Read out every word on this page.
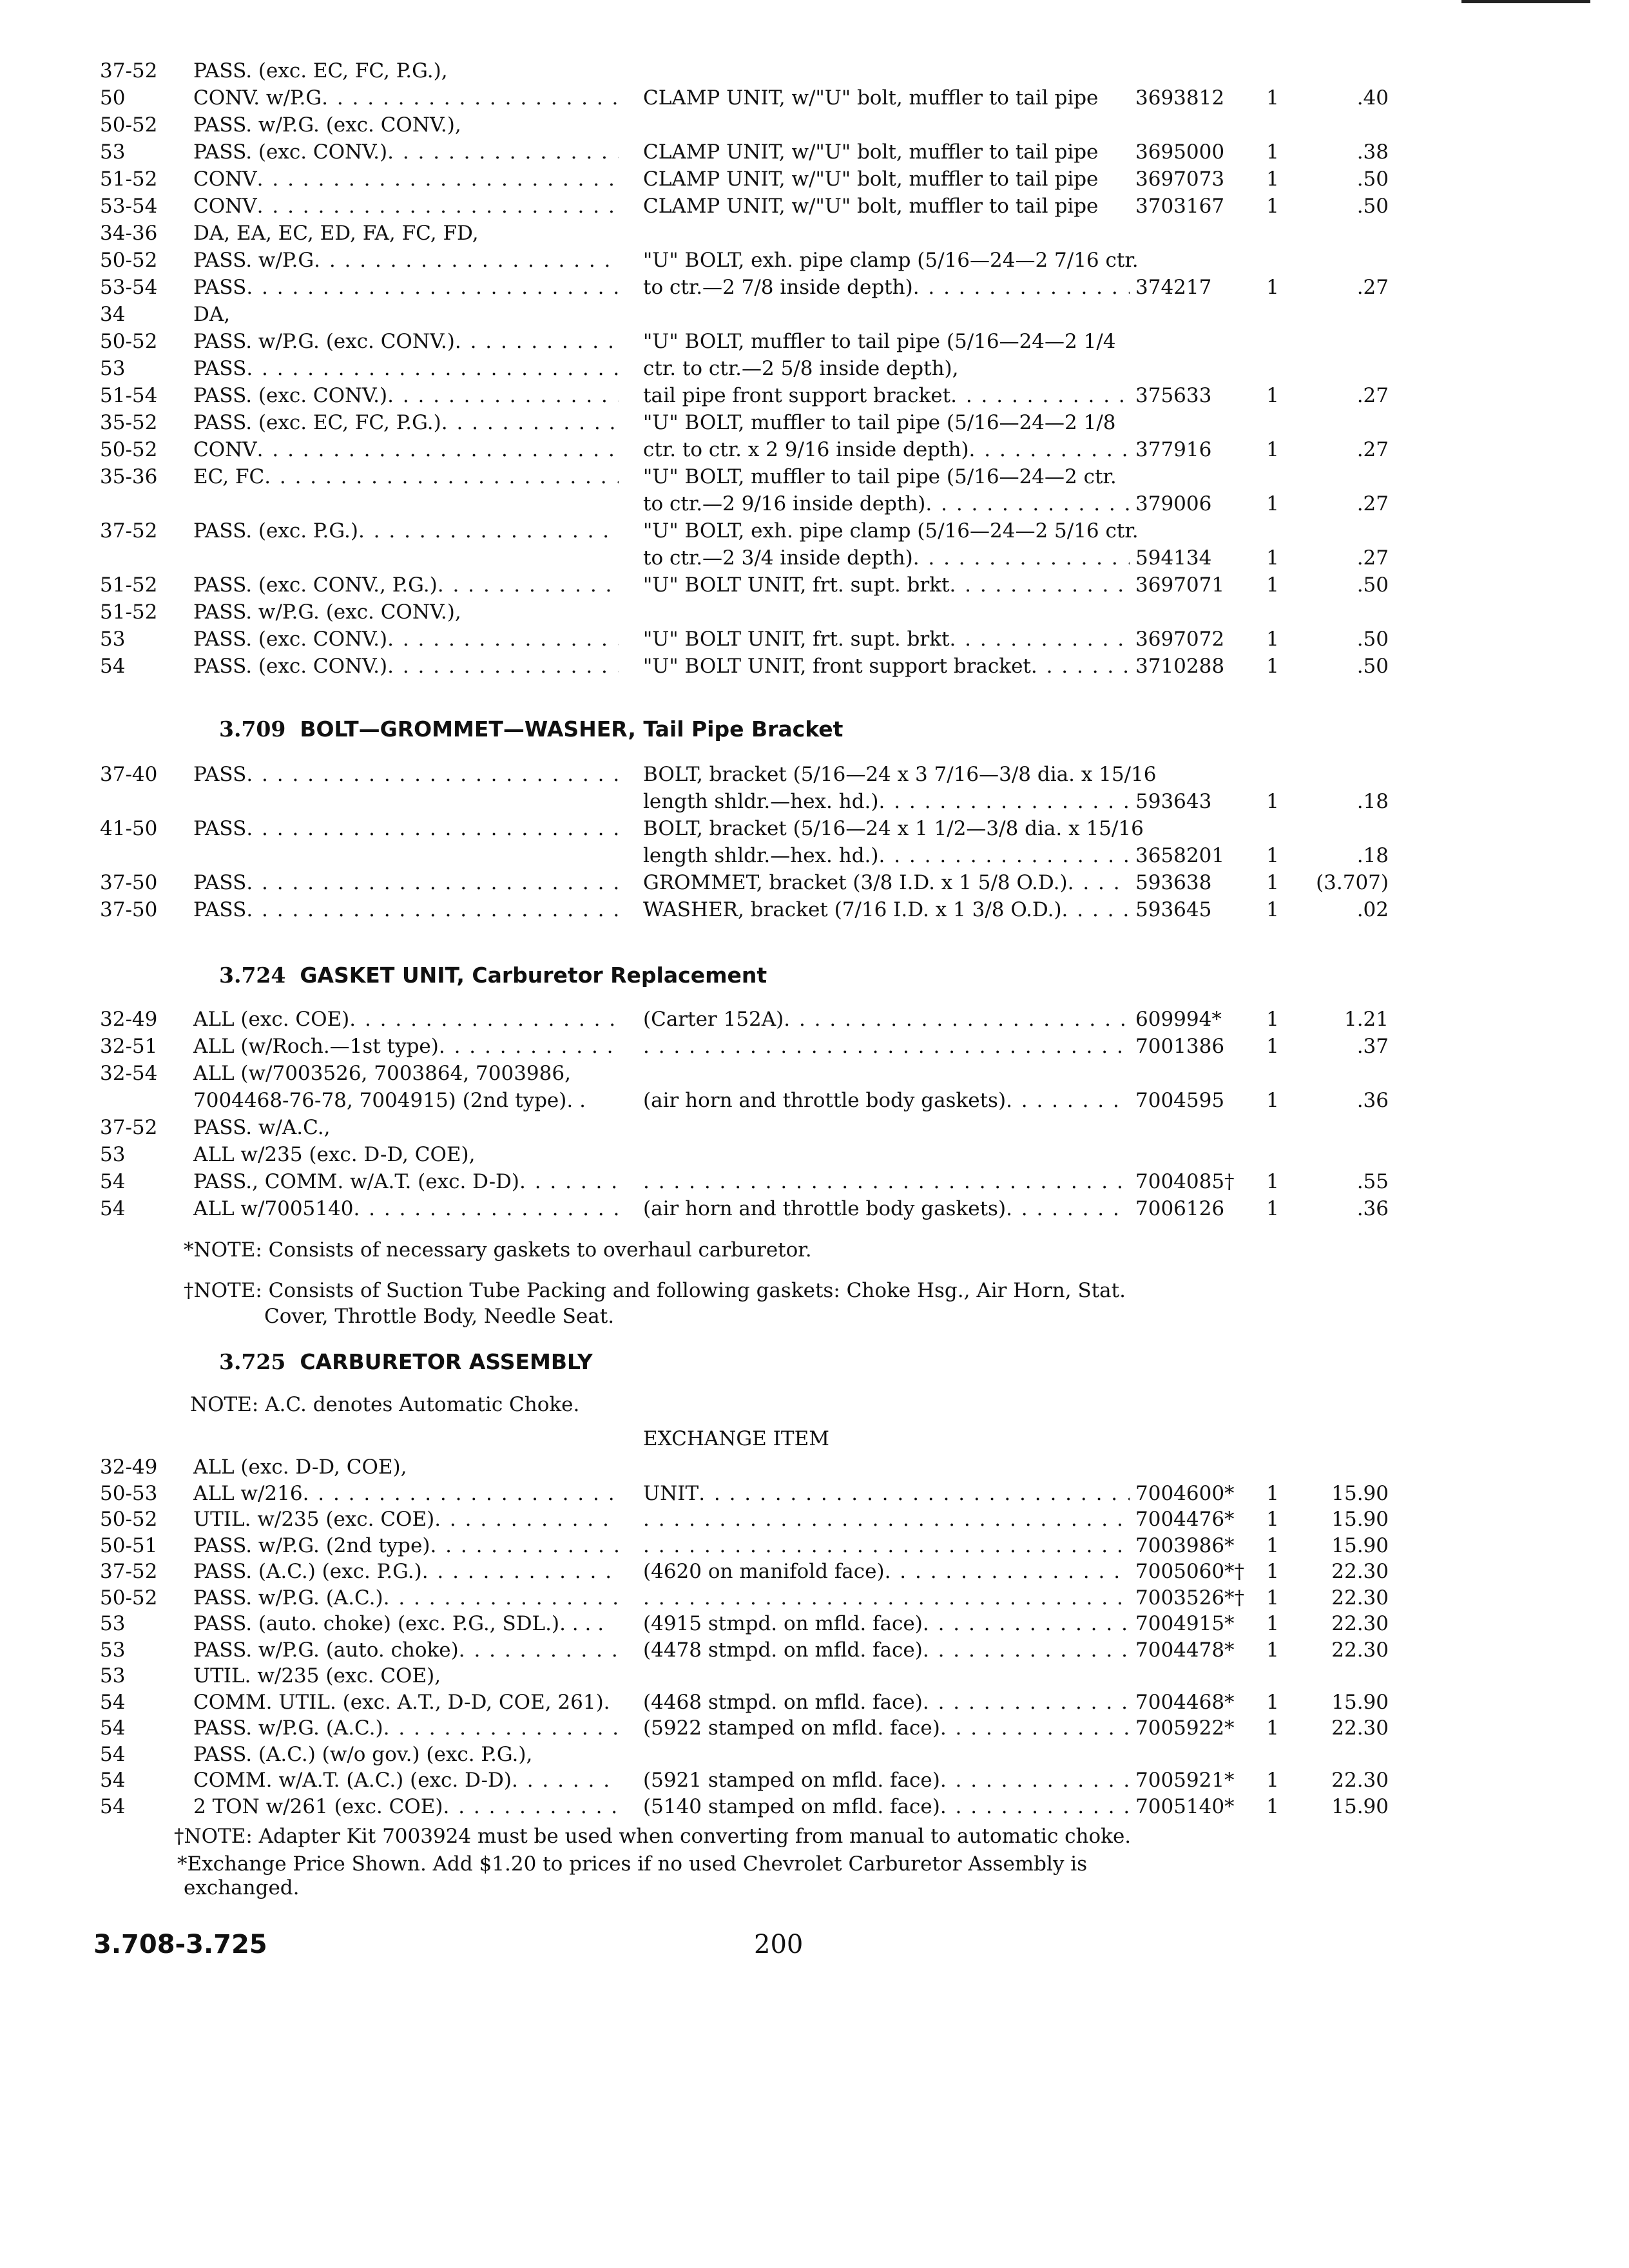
37-52	PASS. (exc. EC, FC, P.G.),
50	CONV. w/P.G . . .	CLAMP UNIT, w/"U" bolt, muffler to tail pipe	3693812	1	.40
50-52	PASS. w/P.G. (exc. CONV.),
53	PASS. (exc. CONV.) . . .	CLAMP UNIT, w/"U" bolt, muffler to tail pipe	3695000	1	.38
51-52	CONV . . .	CLAMP UNIT, w/"U" bolt, muffler to tail pipe	3697073	1	.50
53-54	CONV . . .	CLAMP UNIT, w/"U" bolt, muffler to tail pipe	3703167	1	.50
34-36	DA, EA, EC, ED, FA, FC, FD,
50-52	PASS. w/P.G . . .	"U" BOLT, exh. pipe clamp (5/16—24—2 7/16 ctr.
53-54	PASS . . .	to ctr.—2 7/8 inside depth) . . .	374217	1	.27
34	DA,
50-52	PASS. w/P.G. (exc. CONV.) . . .	"U" BOLT, muffler to tail pipe (5/16—24—2 1/4
53	PASS . . .	ctr. to ctr.—2 5/8 inside depth),
51-54	PASS. (exc. CONV.) . . .	tail pipe front support bracket . . .	375633	1	.27
35-52	PASS. (exc. EC, FC, P.G.) . . .	"U" BOLT, muffler to tail pipe (5/16—24—2 1/8
50-52	CONV . . .	ctr. to ctr. x 2 9/16 inside depth) . . .	377916	1	.27
35-36	EC, FC . . .	"U" BOLT, muffler to tail pipe (5/16—24—2 ctr.
to ctr.—2 9/16 inside depth) . . .	379006	1	.27
37-52	PASS. (exc. P.G.) . . .	"U" BOLT, exh. pipe clamp (5/16—24—2 5/16 ctr.
to ctr.—2 3/4 inside depth) . . .	594134	1	.27
51-52	PASS. (exc. CONV., P.G.) . . .	"U" BOLT UNIT, frt. supt. brkt . . .	3697071	1	.50
51-52	PASS. w/P.G. (exc. CONV.),
53	PASS. (exc. CONV.) . . .	"U" BOLT UNIT, frt. supt. brkt . . .	3697072	1	.50
54	PASS. (exc. CONV.) . . .	"U" BOLT UNIT, front support bracket . . .	3710288	1	.50
3.709 BOLT—GROMMET—WASHER, Tail Pipe Bracket
37-40	PASS . . .	BOLT, bracket (5/16—24 x 3 7/16—3/8 dia. x 15/16
length shldr.—hex. hd.) . . .	593643	1	.18
41-50	PASS . . .	BOLT, bracket (5/16—24 x 1 1/2—3/8 dia. x 15/16
length shldr.—hex. hd.) . . .	3658201	1	.18
37-50	PASS . . .	GROMMET, bracket (3/8 I.D. x 1 5/8 O.D.) . . .	593638	1	(3.707)
37-50	PASS . . .	WASHER, bracket (7/16 I.D. x 1 3/8 O.D.) . . .	593645	1	.02
3.724 GASKET UNIT, Carburetor Replacement
32-49	ALL (exc. COE) . . .	(Carter 152A) . . .	609994*	1	1.21
32-51	ALL (w/Roch.—1st type) . . . . . .	7001386	1	.37
32-54	ALL (w/7003526, 7003864, 7003986,
7004468-76-78, 7004915) (2nd type). .	(air horn and throttle body gaskets) . . .	7004595	1	.36
37-52	PASS. w/A.C.,
53	ALL w/235 (exc. D-D, COE),
54	PASS., COMM. w/A.T. (exc. D-D) . . . . . .	7004085†	1	.55
54	ALL w/7005140 . . .	(air horn and throttle body gaskets) . . .	7006126	1	.36
*NOTE: Consists of necessary gaskets to overhaul carburetor.
†NOTE: Consists of Suction Tube Packing and following gaskets: Choke Hsg., Air Horn, Stat.
Cover, Throttle Body, Needle Seat.
3.725 CARBURETOR ASSEMBLY
NOTE: A.C. denotes Automatic Choke.
EXCHANGE ITEM
32-49	ALL (exc. D-D, COE),
50-53	ALL w/216 . . .	UNIT . . .	7004600*	1	15.90
50-52	UTIL. w/235 (exc. COE) . . . . . .	7004476*	1	15.90
50-51	PASS. w/P.G. (2nd type) . . . . . .	7003986*	1	15.90
37-52	PASS. (A.C.) (exc. P.G.) . . .	(4620 on manifold face) . . .	7005060*†	1	22.30
50-52	PASS. w/P.G. (A.C.) . . . . . .	7003526*†	1	22.30
53	PASS. (auto. choke) (exc. P.G., SDL.). . . .	(4915 stmpd. on mfld. face) . . .	7004915*	1	22.30
53	PASS. w/P.G. (auto. choke) . . .	(4478 stmpd. on mfld. face) . . .	7004478*	1	22.30
53	UTIL. w/235 (exc. COE),
54	COMM. UTIL. (exc. A.T., D-D, COE, 261).	(4468 stmpd. on mfld. face) . . .	7004468*	1	15.90
54	PASS. w/P.G. (A.C.) . . .	(5922 stamped on mfld. face) . . .	7005922*	1	22.30
54	PASS. (A.C.) (w/o gov.) (exc. P.G.),
54	COMM. w/A.T. (A.C.) (exc. D-D) . . .	(5921 stamped on mfld. face) . . .	7005921*	1	22.30
54	2 TON w/261 (exc. COE) . . .	(5140 stamped on mfld. face) . . .	7005140*	1	15.90
†NOTE: Adapter Kit 7003924 must be used when converting from manual to automatic choke.
*Exchange Price Shown. Add $1.20 to prices if no used Chevrolet Carburetor Assembly is
exchanged.
3.708-3.725	200
